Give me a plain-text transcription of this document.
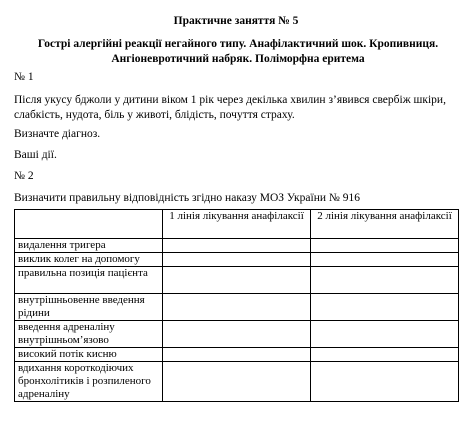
Практичне заняття № 5
Гострі алергійні реакції негайного типу. Анафілактичний шок. Кропивниця. Ангіоневротичний набряк. Поліморфна еритема

№ 1

Після укусу бджоли у дитини віком 1 рік через декілька хвилин з’явився свербіж шкіри, слабкість, нудота, біль у животі, блідість, почуття страху.

Визначте діагноз.

Ваші дії.

№ 2

Визначити правильну відповідність згідно наказу МОЗ України № 916

	1 лінія лікування анафілаксії	2 лінія лікування анафілаксії
видалення тригера		
виклик колег на допомогу		
правильна позиція пацієнта		
внутрішньовенне введення рідини		
введення адреналіну внутрішньом’язово		
високий потік кисню		
вдихання короткодіючих бронхолітиків і розпиленого адреналіну		
